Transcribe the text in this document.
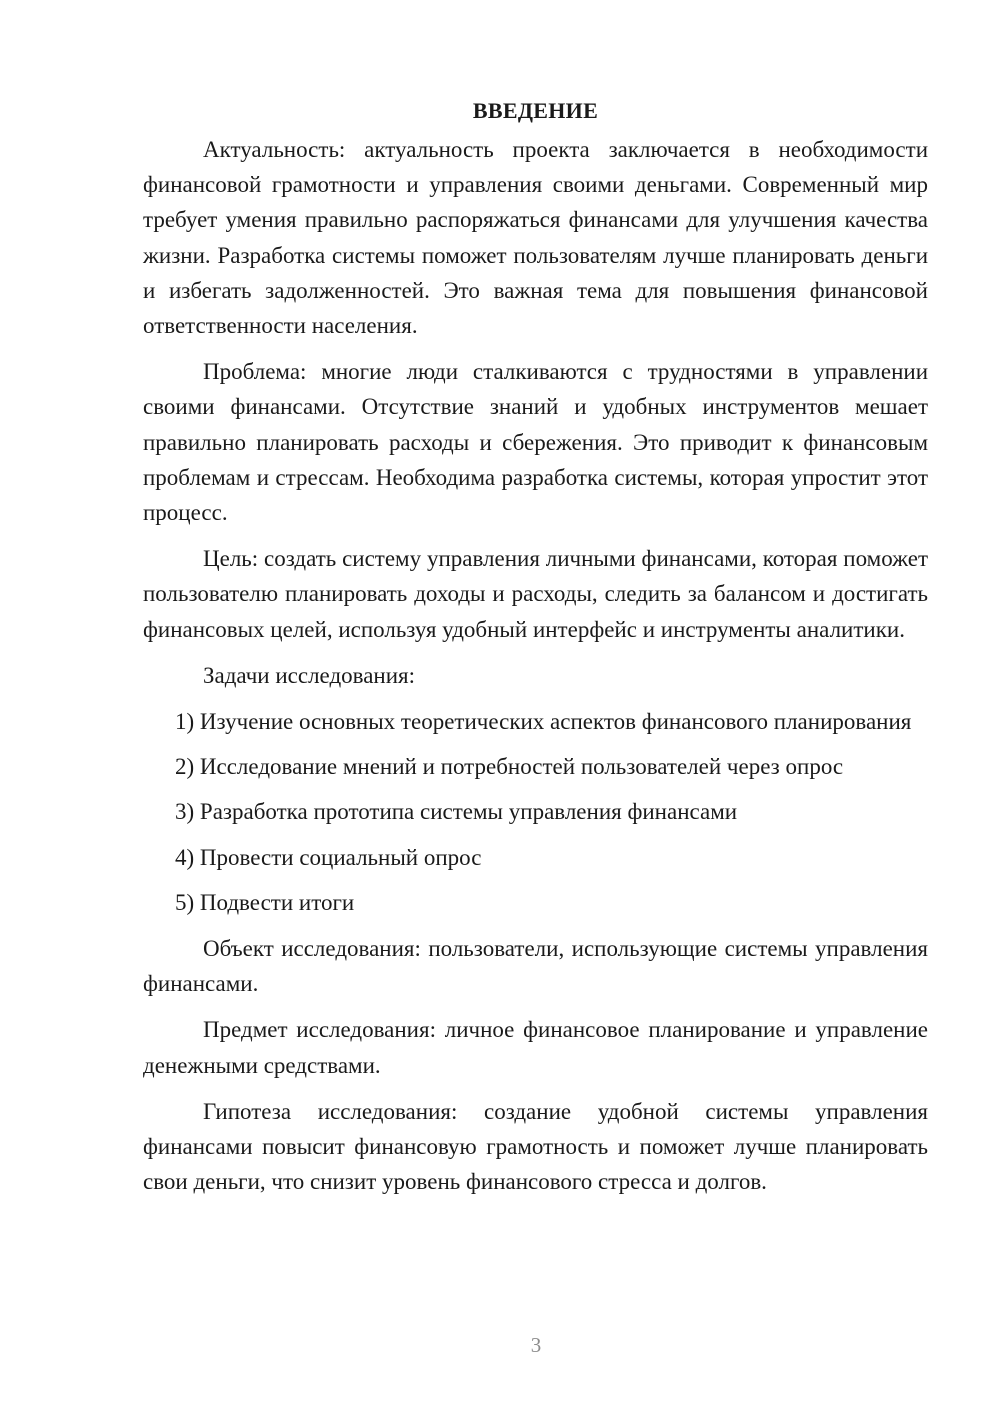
ВВЕДЕНИЕ

Актуальность: актуальность проекта заключается в необходимости финансовой грамотности и управления своими деньгами. Современный мир требует умения правильно распоряжаться финансами для улучшения качества жизни. Разработка системы поможет пользователям лучше планировать деньги и избегать задолженностей. Это важная тема для повышения финансовой ответственности населения.

Проблема: многие люди сталкиваются с трудностями в управлении своими финансами. Отсутствие знаний и удобных инструментов мешает правильно планировать расходы и сбережения. Это приводит к финансовым проблемам и стрессам. Необходима разработка системы, которая упростит этот процесс.

Цель: создать систему управления личными финансами, которая поможет пользователю планировать доходы и расходы, следить за балансом и достигать финансовых целей, используя удобный интерфейс и инструменты аналитики.

Задачи исследования:

1) Изучение основных теоретических аспектов финансового планирования

2) Исследование мнений и потребностей пользователей через опрос

3) Разработка прототипа системы управления финансами

4) Провести социальный опрос

5) Подвести итоги

Объект исследования: пользователи, использующие системы управления финансами.

Предмет исследования: личное финансовое планирование и управление денежными средствами.

Гипотеза исследования: создание удобной системы управления финансами повысит финансовую грамотность и поможет лучше планировать свои деньги, что снизит уровень финансового стресса и долгов.

3
